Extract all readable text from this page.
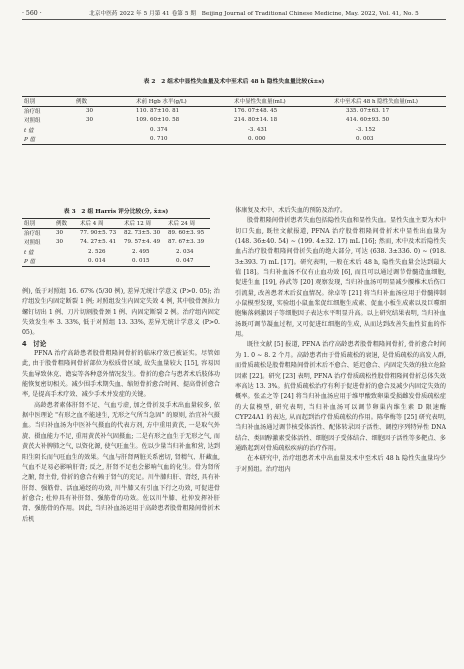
· 560 ·	北京中医药 2022 年 5 月第 41 卷第 5 期　Beijing Journal of Traditional Chinese Medicine, May. 2022, Vol. 41, No. 5
表 2　2 组术中显性失血量及术中至术后 48 h 隐性失血量比较(x̄±s)
组别	例数	术前 Hgb 水平(g/L)	术中显性失血量(mL)	术中至术后 48 h 隐性失血量(mL)
治疗组	30	110. 87±10. 81	176. 07±48. 45	335. 07±63. 17
对照组	30	109. 60±10. 58	214. 80±14. 18	414. 60±93. 50
t 值		0. 374	-3. 431	-3. 152
P 值		0. 710	0. 000	0. 003
表 3　2 组 Harris 评分比较(分, x̄±s)
组别	例数	术后 4 周	术后 12 周	术后 24 周
治疗组	30	77. 90±5. 73	82. 73±5. 30	89. 60±3. 95
对照组	30	74. 27±5. 41	79. 57±4. 49	87. 67±3. 39
t 值		2. 526	2. 495	2. 034
P 值		0. 014	0. 015	0. 047

例), 低于对照组 16. 67% (5/30 例), 差异无统计学意义 (P>0. 05); 治疗组发生内固定断裂 1 例; 对照组发生内固定失效 4 例, 其中股骨颈拉力螺钉切出 1 例、刀片切割股骨颈 1 例、内固定断裂 2 例。治疗组内固定失效发生率 3. 33%, 低于对照组 13. 33%, 差异无统计学意义 (P>0. 05)。

4　讨论

PFNA 治疗高龄患者股骨粗隆间骨折的临床疗效已被证实。尽管如此, 由于股骨粗隆间骨折部位为松质骨区域, 故失血量较大 [15], 容易因失血导致休克、谵妄等各种意外情况发生。骨折的愈合与患者术后肢体功能恢复密切相关。减少围手术期失血、缩短骨折愈合时间、提高骨折愈合率, 是提高手术疗效、减少手术并发症的关键。

高龄患者素体肝肾不足、气血亏虚, 加之骨折及手术出血量较多, 依据中医理论 "有形之血不能速生, 无形之气所当急固" 的原则, 治宜补气摄血。当归补血汤为中医补气摄血的代表方剂, 方中重用黄芪, 一是取气外旋、摄血能力不足, 重用黄芪补气固摄血; 二是有形之血生于无形之气, 而黄芪大补脾肺之气, 以资化源, 使气旺血生。佐以少量当归补血和营, 达到阳生阴长而气旺血生的效果。气血与肝肾两脏关系密切, 肾精气、肝藏血, 气血不足易必影响肝肾; 反之, 肝肾不足也会影响气血的化生。骨为肾所之腑, 肾主骨, 骨折的愈合有赖于肾气的充足。川牛膝归肝、肾经, 具有补肝肾、强筋骨、活血通经的功效, 川牛膝又有引血下行之功效, 可促进骨折愈合; 杜仲具有补肝肾、强筋骨的功效。佐以川牛膝、杜仲发挥补肝肾、强筋骨的作用。因此, 当归补血汤运用于高龄患者股骨粗隆间骨折术后机

体康复及术中、术后失血的预防及治疗。

股骨粗隆间骨折患者失血包括隐性失血和显性失血。显性失血主要为术中切口失血, 既往文献报道, PFNA 治疗股骨粗隆间骨折术中显性出血量为 (148. 36±40. 54) ~ (199. 4±32. 17) mL [16]; 然而, 术中及术后隐性失血占治疗股骨粗隆间骨折失血的绝大部分, 可达 (638. 3±336. 0) ~ (918. 3±393. 7) mL [17]。研究表明, 一般在术后 48 h, 隐性失血量会达到最大值 [18]。当归补血汤不仅有止血功效 [6], 而且可以通过调节骨髓造血细胞, 促进生血 [19], 孙武等 [20] 观察发现, 当归补血汤可明显减少腰椎术后伤口引流量, 改善患者术后贫血情况。徐卓等 [21] 将当归补血汤应用于骨髓抑制小鼠模型发现, 实验组小鼠血浆促红细胞生成素、促血小板生成素以及巨噬细胞集落刺激因子等细胞因子表达水平明显升高。以上研究结果表明, 当归补血汤既可调节凝血过程, 又可促进红细胞的生成, 从而达到改善失血性贫血的作用。

既往文献 [5] 报道, PFNA 治疗高龄患者股骨粗隆间骨折, 骨折愈合时间为 1. 0 ~ 8. 2 个月。高龄患者由于骨质疏松的衰退, 是骨质疏松的高发人群, 而骨质疏松是股骨粗隆间骨折术后不愈合、延迟愈合、内固定失效的独立危险因素 [22]。研究 [23] 表明, PFNA 治疗骨质疏松性股骨粗隆间骨折总体失效率高达 13. 3%。抗骨质疏松治疗有利于促进骨折的愈合及减少内固定失效的概率。张孟之等 [24] 将当归补血汤应用于维甲酸致卵巢受损雌发骨质疏松症的大鼠模型, 研究表明, 当归补血汤可以调节卵巢内维生素 D 限速酶 CYP24A1 的表达, 从而起到治疗骨质疏松的作用。陈华梅等 [25] 研究表明, 当归补血汤通过调节核受体活性、配体转录因子活性、调控序列特异性 DNA 结合、类固醇激素受体活性、细胞因子受体结合、细胞因子活性等多靶点、多通路起到对骨质疏松疾病的治疗作用。

在本研究中, 治疗组患者术中出血量及术中至术后 48 h 隐性失血量均少于对照组。治疗组内
